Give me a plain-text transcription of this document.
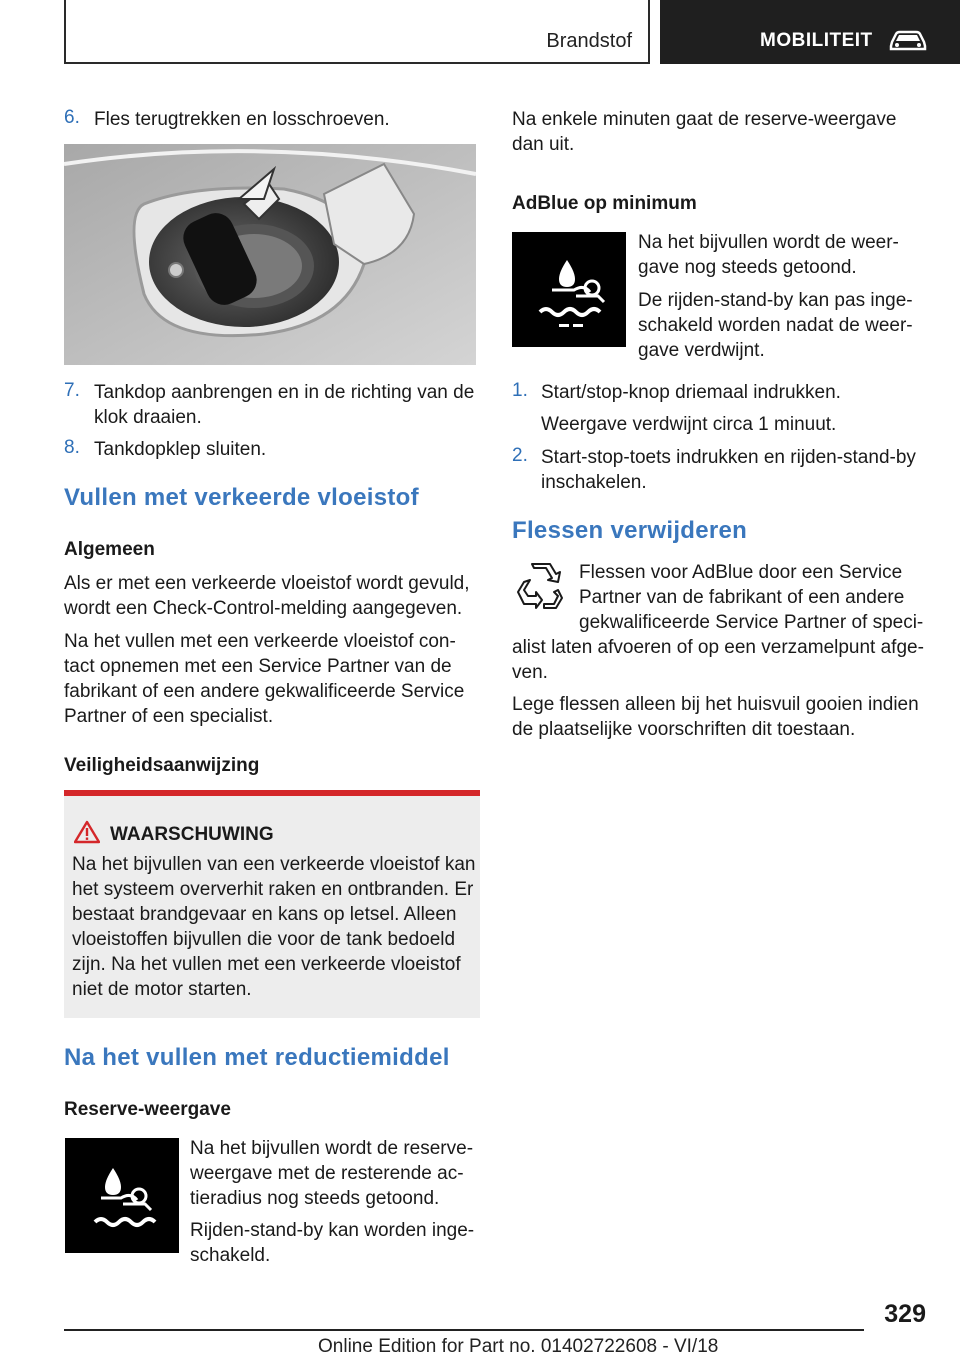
Brandstof	MOBILITEIT
6. Fles terugtrekken en losschroeven.
7. Tankdop aanbrengen en in de richting van de
klok draaien.
8. Tankdopklep sluiten.
Vullen met verkeerde vloeistof
Algemeen
Als er met een verkeerde vloeistof wordt gevuld,
wordt een Check-Control-melding aangegeven.
Na het vullen met een verkeerde vloeistof con-
tact opnemen met een Service Partner van de
fabrikant of een andere gekwalificeerde Service
Partner of een specialist.
Veiligheidsaanwijzing
WAARSCHUWING
Na het bijvullen van een verkeerde vloeistof kan
het systeem oververhit raken en ontbranden. Er
bestaat brandgevaar en kans op letsel. Alleen
vloeistoffen bijvullen die voor de tank bedoeld
zijn. Na het vullen met een verkeerde vloeistof
niet de motor starten.
Na het vullen met reductiemiddel
Reserve-weergave
Na het bijvullen wordt de reserve-
weergave met de resterende ac-
tieradius nog steeds getoond.
Rijden-stand-by kan worden inge-
schakeld.
Na enkele minuten gaat de reserve-weergave
dan uit.
AdBlue op minimum
Na het bijvullen wordt de weer-
gave nog steeds getoond.
De rijden-stand-by kan pas inge-
schakeld worden nadat de weer-
gave verdwijnt.
1. Start/stop-knop driemaal indrukken.
Weergave verdwijnt circa 1 minuut.
2. Start-stop-toets indrukken en rijden-stand-by
inschakelen.
Flessen verwijderen
Flessen voor AdBlue door een Service
Partner van de fabrikant of een andere
gekwalificeerde Service Partner of speci-
alist laten afvoeren of op een verzamelpunt afge-
ven.
Lege flessen alleen bij het huisvuil gooien indien
de plaatselijke voorschriften dit toestaan.
329
Online Edition for Part no. 01402722608 - VI/18
